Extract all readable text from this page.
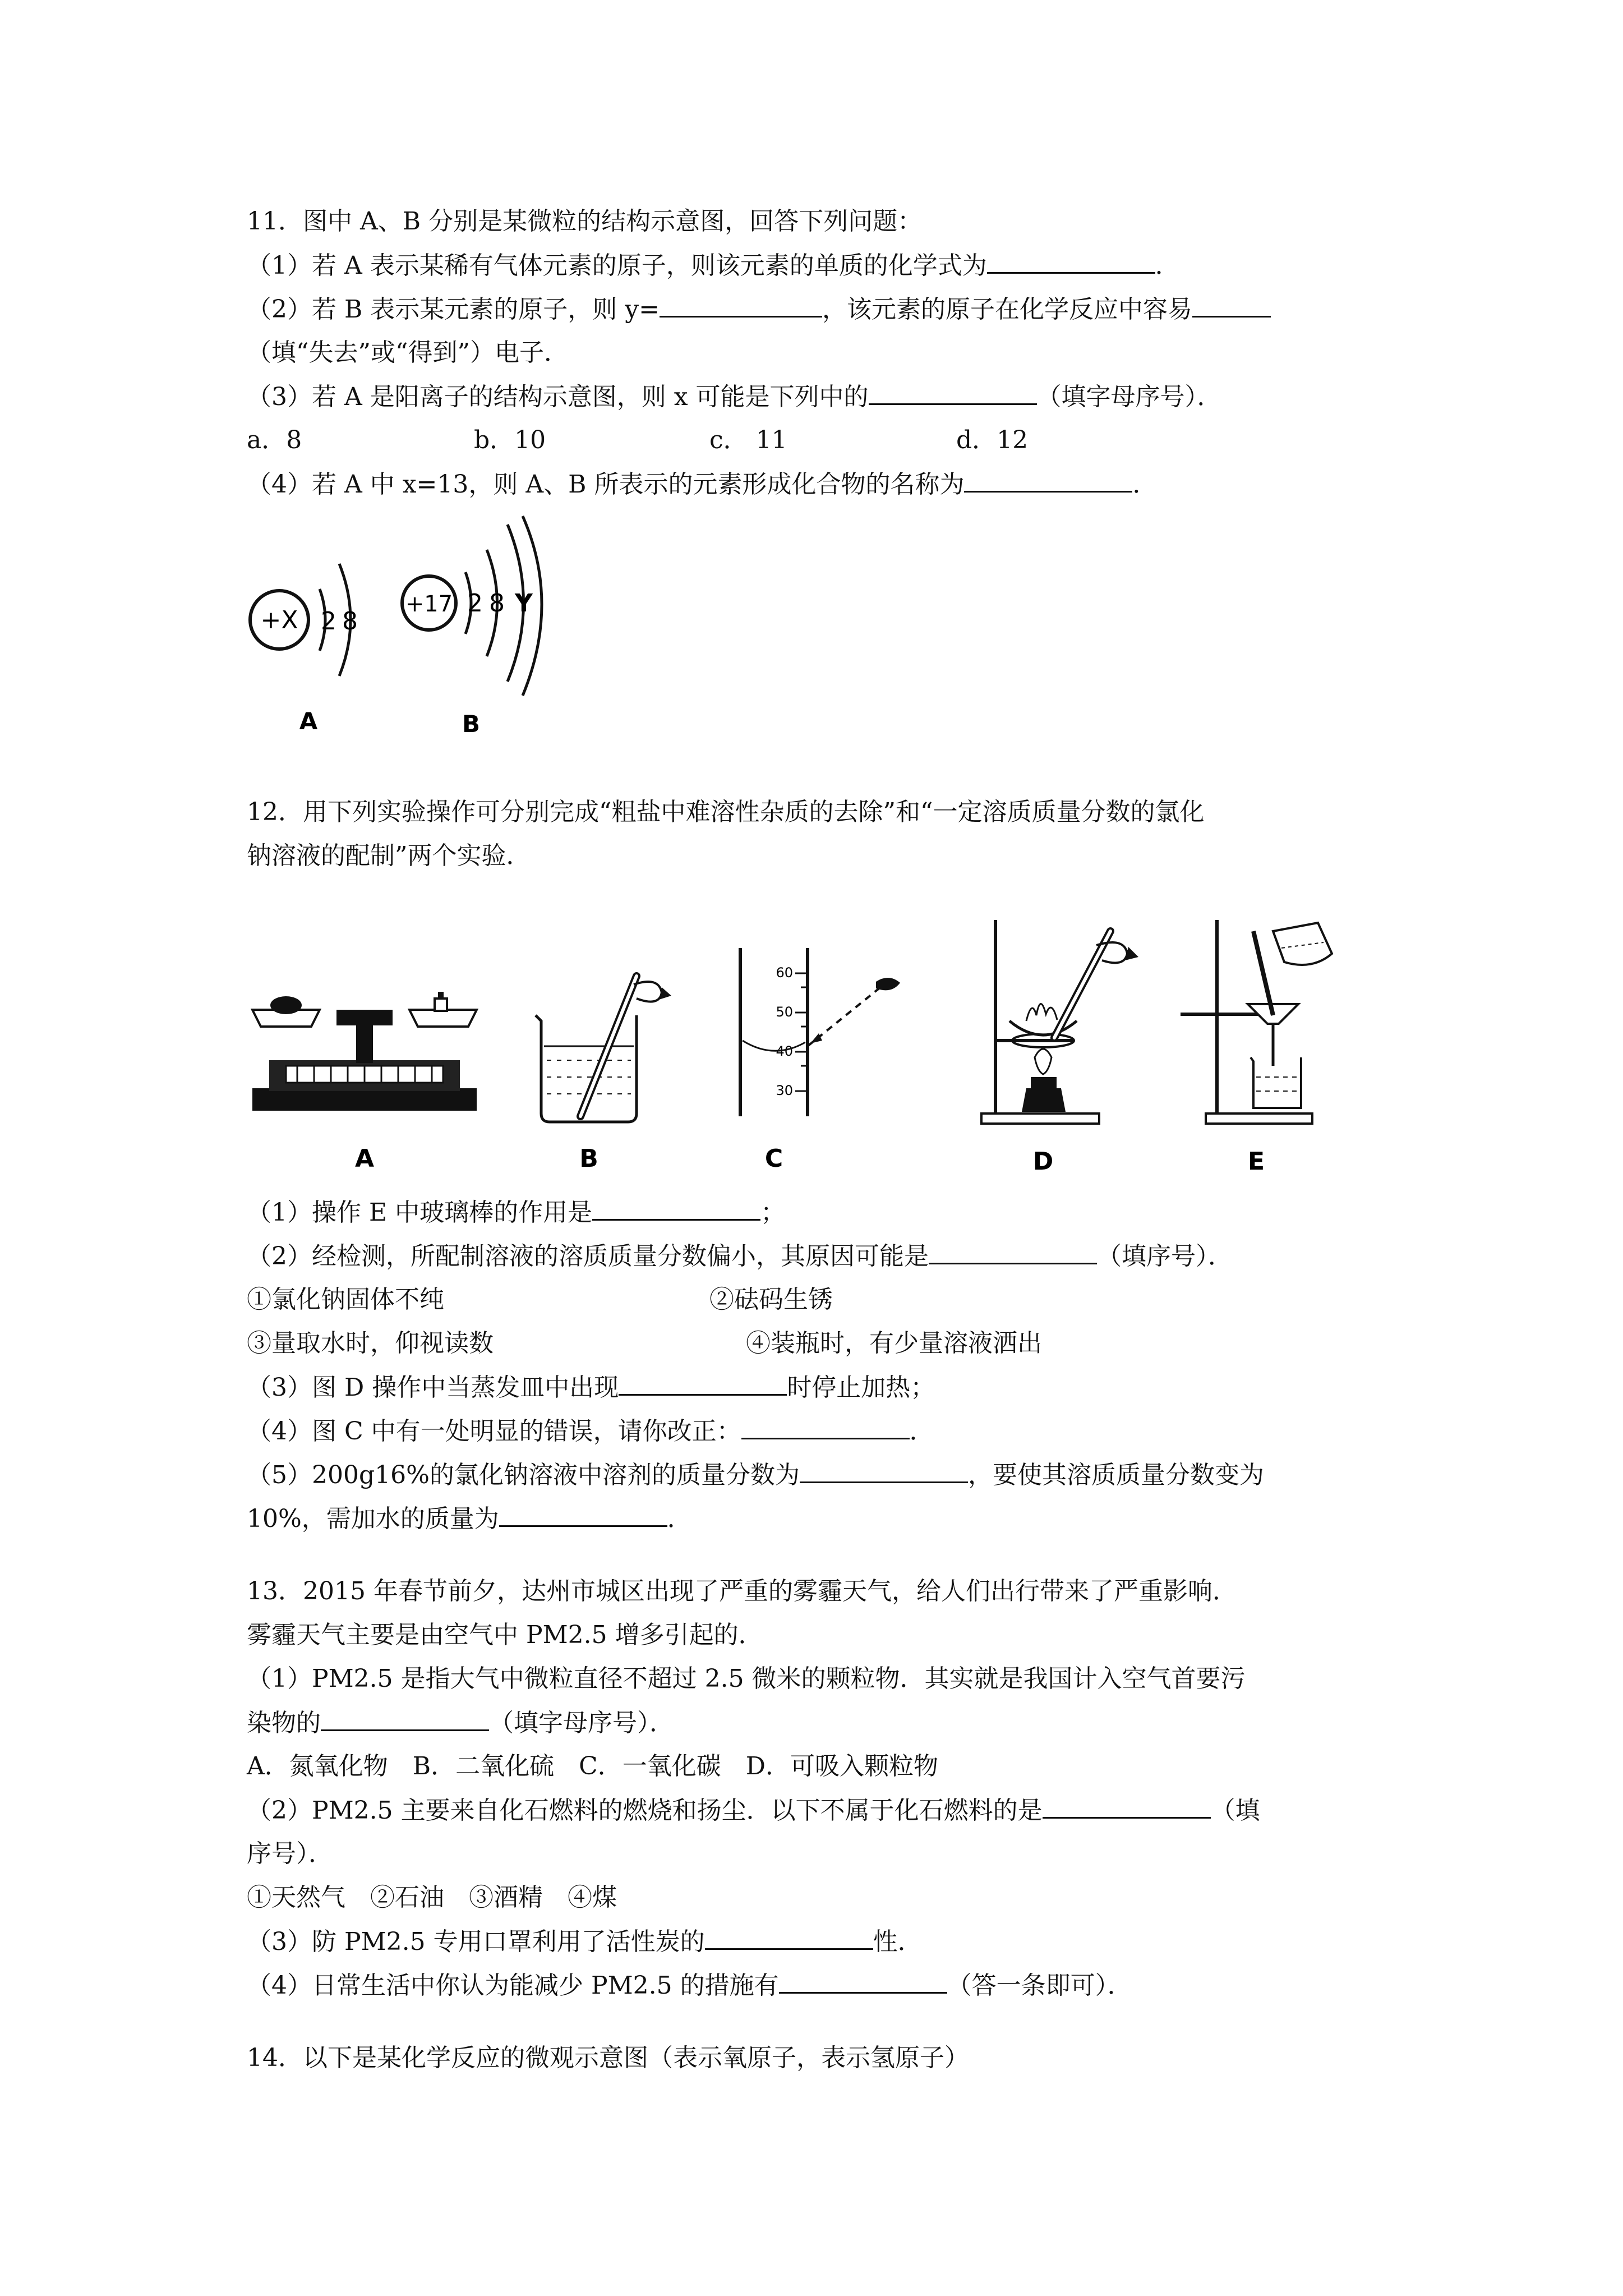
11．图中 A、B 分别是某微粒的结构示意图，回答下列问题：
（1）若 A 表示某稀有气体元素的原子，则该元素的单质的化学式为	．
（2）若 B 表示某元素的原子，则 y=	，该元素的原子在化学反应中容易
（填“失去”或“得到”）电子．
（3）若 A 是阳离子的结构示意图，则 x 可能是下列中的	（填字母序号）．
a．8	b．10	c． 11	d．12
（4）若 A 中 x=13，则 A、B 所表示的元素形成化合物的名称为	．
+X 2 8
A
+17 2 8 Y
B
12．用下列实验操作可分别完成“粗盐中难溶性杂质的去除”和“一定溶质质量分数的氯化
钠溶液的配制”两个实验．
A	B
60
50
40
30
C	D	E
（1）操作 E 中玻璃棒的作用是	；
（2）经检测，所配制溶液的溶质质量分数偏小，其原因可能是	（填序号）．
①氯化钠固体不纯	②砝码生锈
③量取水时，仰视读数	④装瓶时，有少量溶液洒出
（3）图 D 操作中当蒸发皿中出现	时停止加热；
（4）图 C 中有一处明显的错误，请你改正：	．
（5）200g16%的氯化钠溶液中溶剂的质量分数为	，要使其溶质质量分数变为
10%，需加水的质量为	．
13．2015 年春节前夕，达州市城区出现了严重的雾霾天气，给人们出行带来了严重影响．
雾霾天气主要是由空气中 PM2.5 增多引起的．
（1）PM2.5 是指大气中微粒直径不超过 2.5 微米的颗粒物．其实就是我国计入空气首要污
染物的	（填字母序号）．
A．氮氧化物　B．二氧化硫　C．一氧化碳　D．可吸入颗粒物
（2）PM2.5 主要来自化石燃料的燃烧和扬尘．以下不属于化石燃料的是	（填
序号）．
①天然气　②石油　③酒精　④煤
（3）防 PM2.5 专用口罩利用了活性炭的	性．
（4）日常生活中你认为能减少 PM2.5 的措施有	（答一条即可）．
14．以下是某化学反应的微观示意图（表示氧原子，表示氢原子）
